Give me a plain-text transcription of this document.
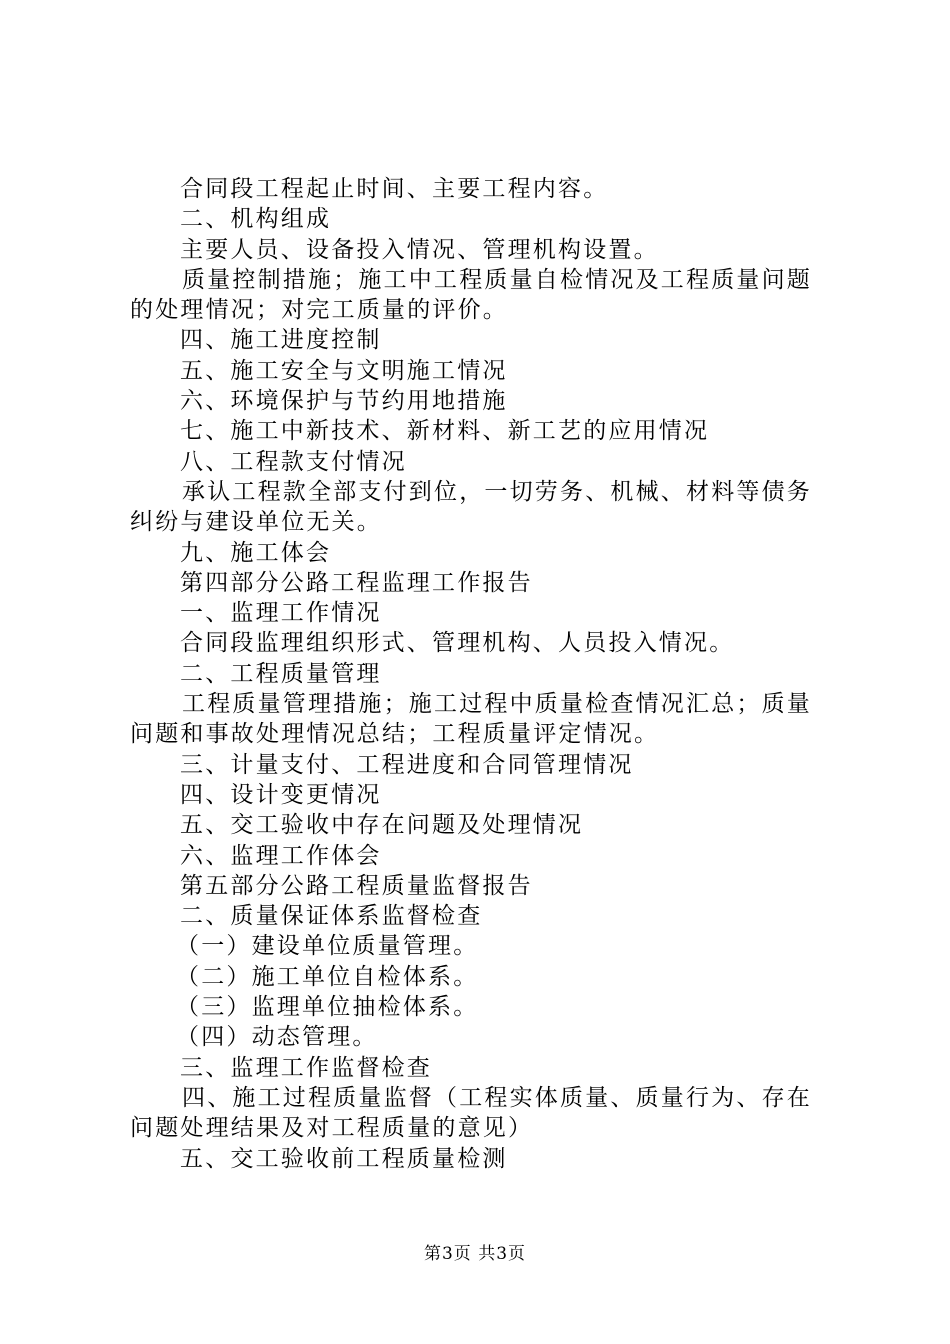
合同段工程起止时间、主要工程内容。
二、机构组成
主要人员、设备投入情况、管理机构设置。
质量控制措施；施工中工程质量自检情况及工程质量问题
的处理情况；对完工质量的评价。
四、施工进度控制
五、施工安全与文明施工情况
六、环境保护与节约用地措施
七、施工中新技术、新材料、新工艺的应用情况
八、工程款支付情况
承认工程款全部支付到位，一切劳务、机械、材料等债务
纠纷与建设单位无关。
九、施工体会
第四部分公路工程监理工作报告
一、监理工作情况
合同段监理组织形式、管理机构、人员投入情况。
二、工程质量管理
工程质量管理措施；施工过程中质量检查情况汇总；质量
问题和事故处理情况总结；工程质量评定情况。
三、计量支付、工程进度和合同管理情况
四、设计变更情况
五、交工验收中存在问题及处理情况
六、监理工作体会
第五部分公路工程质量监督报告
二、质量保证体系监督检查
（一）建设单位质量管理。
（二）施工单位自检体系。
（三）监理单位抽检体系。
（四）动态管理。
三、监理工作监督检查
四、施工过程质量监督（工程实体质量、质量行为、存在
问题处理结果及对工程质量的意见）
五、交工验收前工程质量检测
第3页 共3页
